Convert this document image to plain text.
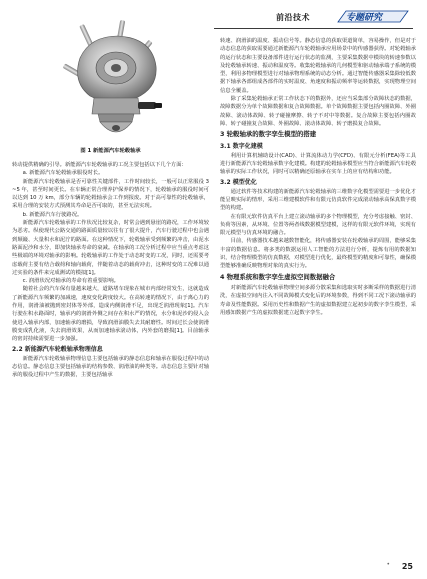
前沿技术	专题研究
图 1 新能源汽车轮毂轴承

转动提供精确的引导。新能源汽车轮毂轴承的工况主要包括以下几个方面：

a. 新能源汽车轮毂轴承服役时长。

新能源汽车轮毂轴承是否可靠性关键部件，工作时间较长，一般可以正常服役 3~5 年，甚至时间更长。在车辆正常合理养护保养的情况下，轮毂轴承的服役时间可以达到 10 万 km，部分车辆的轮毂轴承会工作到报废。对于高可靠性的轮毂轴承，采用合理的安装方式预测其寿命是否可取的，甚至无法实现。

b. 新能源汽车行驶路况。

新能源汽车轮毂轴承的工作状况比较复杂，时常会遇到悬崖的路况，工作环境较为恶劣。纵使现代公路交通的路面质量较以往有了很大提升，汽车行驶过程中也会遇到颠簸、大量积水和泥泞的路面。在这种情况下，轮毂轴承受到频繁的冲击，由泥水路面泥沙和水分，即加快轴承寿命的衰减。在轴承的工况分析过程中应当重点考虑这些极端的环境对轴承的影响。轮毂轴承的工作处于动态时变的工况，同时，还需要考虑载荷主要有结合载荷和轴向载荷，伴随着动态的载荷冲击，这种时变的工况难以通过实验的条件来完成测试的模拟[1]。

c. 润滑状况对轴承的寿命有着重要影响。

随着社会的汽车保有量越来越大，道路堵车现象在城市内部经常发生，这就造成了新能源汽车频繁的加减速，速度变化跨度较大。在高转速的情况下，由于离心力的作用，润滑油被抛到密封体等外部，造成内侧润滑不足，出现乏润滑现象[1]。汽车行驶在积水路面时，轴承内的润滑外侧之间存在积水严的情况，水分和泥沙的侵入会使进入轴承内部，加速轴承的磨损，导致润滑油膜失去其耐磨性。时间过长会使润滑膜变成乳化液，失去润滑效果，从而加速轴承滚动体，内外套的磨损[1]。目前轴承的密封持续需要进一步加强。

2.2 新能源汽车轮毂轴承物理信息

新能源汽车轮毂轴承物理信息主要包括轴承的静态信息和轴承在服役过程中的动态信息。静态信息主要包括轴承的结构参数、润滑油的种类等。动态信息主要针对轴承的服役过程中产生的数据，主要包括轴承

转速、润滑油的温度、振动信号等。静态信息的获取渠道简单，容易操作，但是对于动态信息的获取需要通过新能源汽车轮毂轴承应用场景中的传感器获得。对轮毂轴承的运行状态和主要设备部件进行运行状态的监测，主要采集数据中模块的转速参数以及轮毂轴承转速、振动和温度等。收集轮毂轴承的几何模型和驱动轴承端子系统的模型，利用多物理模型进行对轴承物理系统的动态分析。通过智能传感器采集除较低数据下轴承各部组成各部件的实时温度、角速度和振动频率等运转数据，实现物理空间信息全覆盖。

除了采集轮毂轴承正常工作状态下的数据外，还应当采集部分故障状态的数据，故障数据分为单个故障数据和复合故障数据。单个故障数据主要包括内圈故障、外圈故障、滚动体故障、转子碰撞摩擦、转子不对中等数据。复合故障主要包括内圈故障、转子碰撞复合故障、外圈故障、滚动体故障、转子磨损复合故障。

3 轮毂轴承的数字孪生模型的搭建
3.1 数字化建模

利用计算机辅助设计(CAD)、计算流体动力学(CFD)、有限元分析(FEA)等工具进行新能源汽车轮毂轴承数字化建模。构建的轮毂轴承模型应当符合新能源汽车轮毂轴承的实际工作状况，同时可以精确还原轴承在实车上的应有结构和功能。

3.2 模型优化

通过软件等技术构建的新能源汽车轮毂轴承的三维数字化模型需要进一步优化才能呈映实际的情形，采用三维建模软件和有限元仿真软件完成滚动轴承高保真数字模型的构建。

在有限元软件仿真平台上建立滚动轴承的多个物理模型，充分考虑接触、密封、负荷等因素，从环境、位置等两者线数据模型建模，这样的有限元软件环境，实现有限元模型与仿真环境的融合。

目前，传感器技术越来越数智能化，将传感器安装在轮毂轴承的周围，能够采集丰富的数据信息。将多类的数据运用人工智能的方法进行分析，提炼有用的数据知识，结合物理模型的仿真数据，对模型进行优化，最终模型的精度和可靠性，确保模型能够准确反映物理对象的真实行为。

4 物理系统和数字孪生虚拟空间数据融合

对新能源汽车轮毂轴承物理空间多源分散采集和选取实时多断采样的数据进行清洗，在虚拟空间内注入不同故障模式变化后的环境参数，得到不同工况下滚动轴承的寿命及性能数据。采用历史性和数据产生的虚拟数据建立起初步的数字孪生模型，采用感知数据产生的虚拟数据建立起数字孪生。

• 25
